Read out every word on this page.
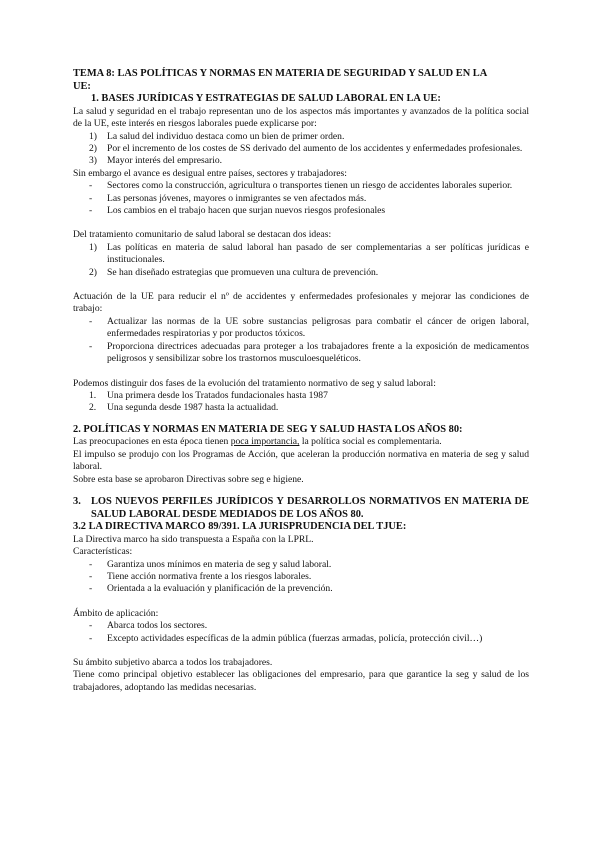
TEMA 8: LAS POLÍTICAS Y NORMAS EN MATERIA DE SEGURIDAD Y SALUD EN LA
UE:
1. BASES JURÍDICAS Y ESTRATEGIAS DE SALUD LABORAL EN LA UE:

La salud y seguridad en el trabajo representan uno de los aspectos más importantes y avanzados de la política social de la UE, este interés en riesgos laborales puede explicarse por:

1) La salud del individuo destaca como un bien de primer orden.
2) Por el incremento de los costes de SS derivado del aumento de los accidentes y enfermedades profesionales.
3) Mayor interés del empresario.

Sin embargo el avance es desigual entre países, sectores y trabajadores:

- Sectores como la construcción, agricultura o transportes tienen un riesgo de accidentes laborales superior.
- Las personas jóvenes, mayores o inmigrantes se ven afectados más.
- Los cambios en el trabajo hacen que surjan nuevos riesgos profesionales

Del tratamiento comunitario de salud laboral se destacan dos ideas:

1) Las políticas en materia de salud laboral han pasado de ser complementarias a ser políticas jurídicas e institucionales.
2) Se han diseñado estrategias que promueven una cultura de prevención.

Actuación de la UE para reducir el nº de accidentes y enfermedades profesionales y mejorar las condiciones de trabajo:

- Actualizar las normas de la UE sobre sustancias peligrosas para combatir el cáncer de origen laboral, enfermedades respiratorias y por productos tóxicos.
- Proporciona directrices adecuadas para proteger a los trabajadores frente a la exposición de medicamentos peligrosos y sensibilizar sobre los trastornos musculoesqueléticos.

Podemos distinguir dos fases de la evolución del tratamiento normativo de seg y salud laboral:

1. Una primera desde los Tratados fundacionales hasta 1987
2. Una segunda desde 1987 hasta la actualidad.
2. POLÍTICAS Y NORMAS EN MATERIA DE SEG Y SALUD HASTA LOS AÑOS 80:

Las preocupaciones en esta época tienen poca importancia, la política social es complementaria.

El impulso se produjo con los Programas de Acción, que aceleran la producción normativa en materia de seg y salud laboral.

Sobre esta base se aprobaron Directivas sobre seg e higiene.

3. LOS NUEVOS PERFILES JURÍDICOS Y DESARROLLOS NORMATIVOS EN MATERIA DE SALUD LABORAL DESDE MEDIADOS DE LOS AÑOS 80.
3.2 LA DIRECTIVA MARCO 89/391. LA JURISPRUDENCIA DEL TJUE:

La Directiva marco ha sido transpuesta a España con la LPRL.

Características:

- Garantiza unos mínimos en materia de seg y salud laboral.
- Tiene acción normativa frente a los riesgos laborales.
- Orientada a la evaluación y planificación de la prevención.

Ámbito de aplicación:

- Abarca todos los sectores.
- Excepto actividades específicas de la admin pública (fuerzas armadas, policía, protección civil…)

Su ámbito subjetivo abarca a todos los trabajadores.

Tiene como principal objetivo establecer las obligaciones del empresario, para que garantice la seg y salud de los trabajadores, adoptando las medidas necesarias.
